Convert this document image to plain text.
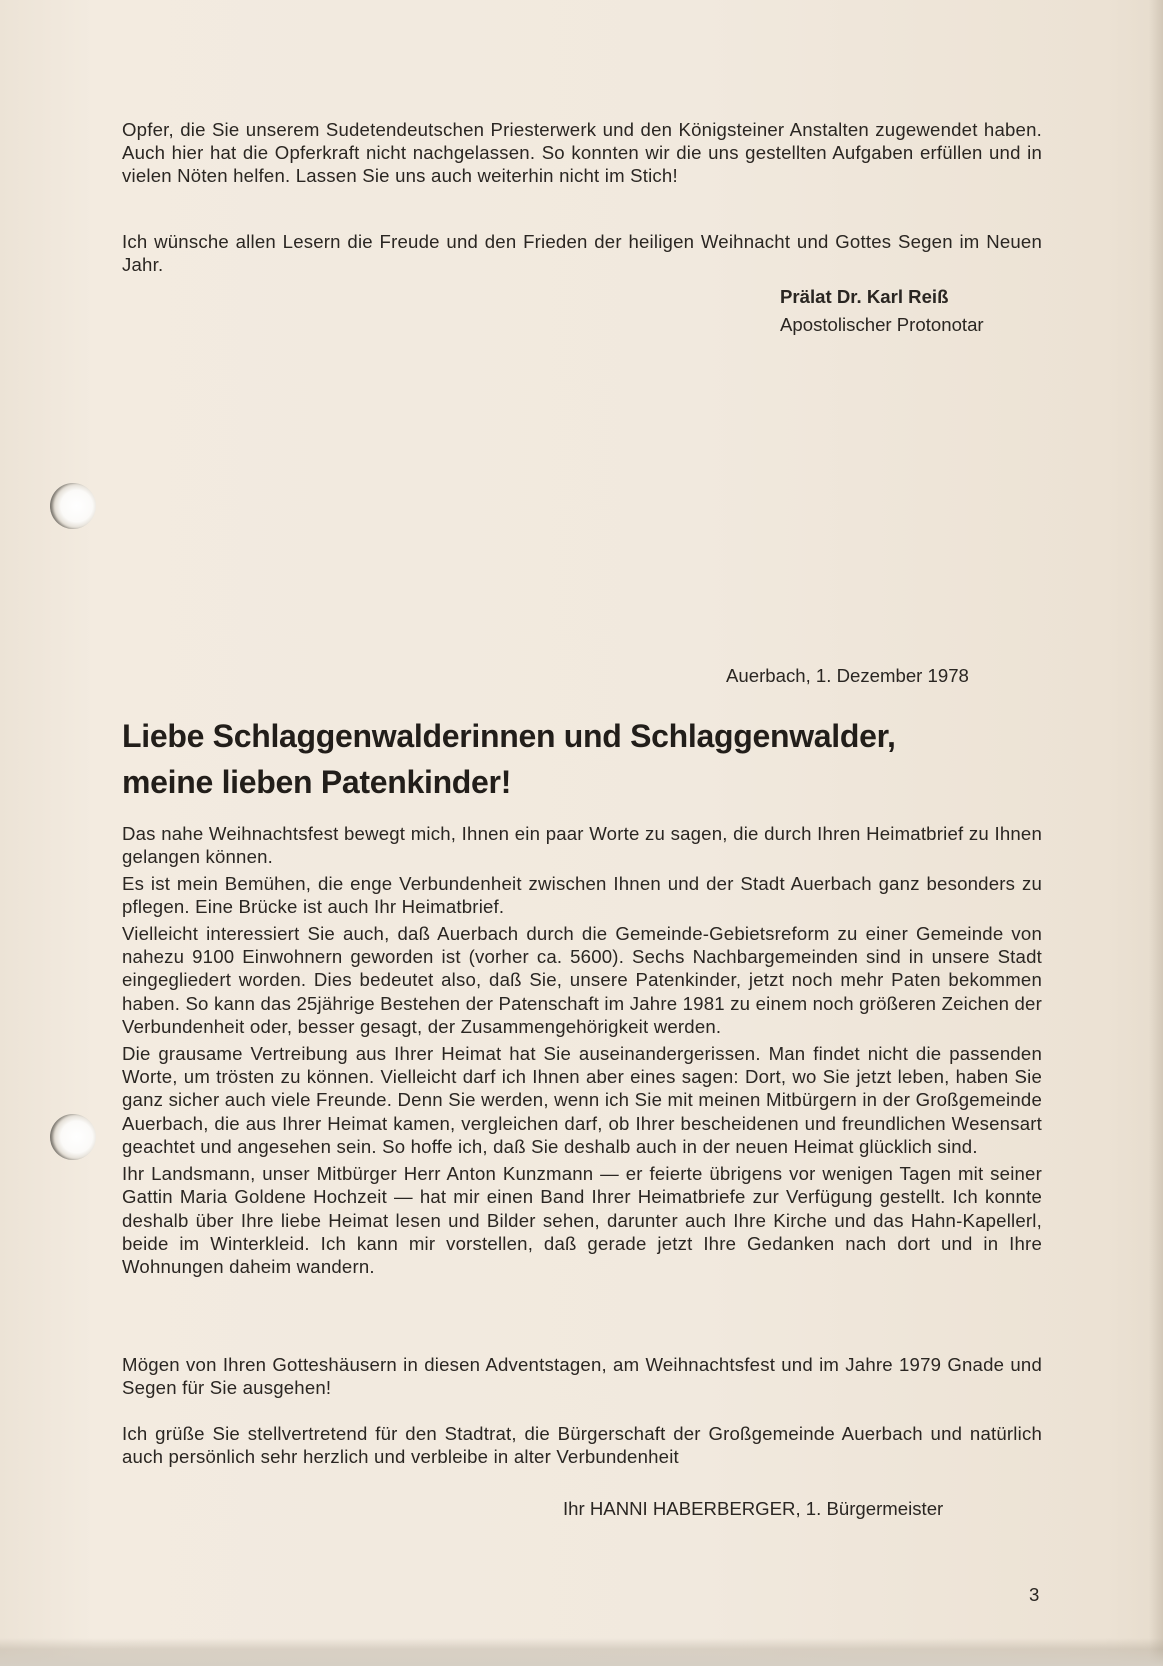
Opfer, die Sie unserem Sudetendeutschen Priesterwerk und den Königsteiner Anstalten zugewendet haben. Auch hier hat die Opferkraft nicht nachgelassen. So konnten wir die uns gestellten Aufgaben erfüllen und in vielen Nöten helfen. Lassen Sie uns auch weiterhin nicht im Stich!

Ich wünsche allen Lesern die Freude und den Frieden der heiligen Weihnacht und Gottes Segen im Neuen Jahr.

Prälat Dr. Karl Reiß
Apostolischer Protonotar
Auerbach, 1. Dezember 1978
Liebe Schlaggenwalderinnen und Schlaggenwalder,
meine lieben Patenkinder!

Das nahe Weihnachtsfest bewegt mich, Ihnen ein paar Worte zu sagen, die durch Ihren Heimatbrief zu Ihnen gelangen können.

Es ist mein Bemühen, die enge Verbundenheit zwischen Ihnen und der Stadt Auerbach ganz besonders zu pflegen. Eine Brücke ist auch Ihr Heimatbrief.

Vielleicht interessiert Sie auch, daß Auerbach durch die Gemeinde-Gebietsreform zu einer Gemeinde von nahezu 9100 Einwohnern geworden ist (vorher ca. 5600). Sechs Nachbargemeinden sind in unsere Stadt eingegliedert worden. Dies bedeutet also, daß Sie, unsere Patenkinder, jetzt noch mehr Paten bekommen haben. So kann das 25jährige Bestehen der Patenschaft im Jahre 1981 zu einem noch größeren Zeichen der Verbundenheit oder, besser gesagt, der Zusammengehörigkeit werden.

Die grausame Vertreibung aus Ihrer Heimat hat Sie auseinandergerissen. Man findet nicht die passenden Worte, um trösten zu können. Vielleicht darf ich Ihnen aber eines sagen: Dort, wo Sie jetzt leben, haben Sie ganz sicher auch viele Freunde. Denn Sie werden, wenn ich Sie mit meinen Mitbürgern in der Großgemeinde Auerbach, die aus Ihrer Heimat kamen, vergleichen darf, ob Ihrer bescheidenen und freundlichen Wesensart geachtet und angesehen sein. So hoffe ich, daß Sie deshalb auch in der neuen Heimat glücklich sind.

Ihr Landsmann, unser Mitbürger Herr Anton Kunzmann — er feierte übrigens vor wenigen Tagen mit seiner Gattin Maria Goldene Hochzeit — hat mir einen Band Ihrer Heimatbriefe zur Verfügung gestellt. Ich konnte deshalb über Ihre liebe Heimat lesen und Bilder sehen, darunter auch Ihre Kirche und das Hahn-Kapellerl, beide im Winterkleid. Ich kann mir vorstellen, daß gerade jetzt Ihre Gedanken nach dort und in Ihre Wohnungen daheim wandern.

Mögen von Ihren Gotteshäusern in diesen Adventstagen, am Weihnachtsfest und im Jahre 1979 Gnade und Segen für Sie ausgehen!

Ich grüße Sie stellvertretend für den Stadtrat, die Bürgerschaft der Großgemeinde Auerbach und natürlich auch persönlich sehr herzlich und verbleibe in alter Verbundenheit

Ihr HANNI HABERBERGER, 1. Bürgermeister
3
